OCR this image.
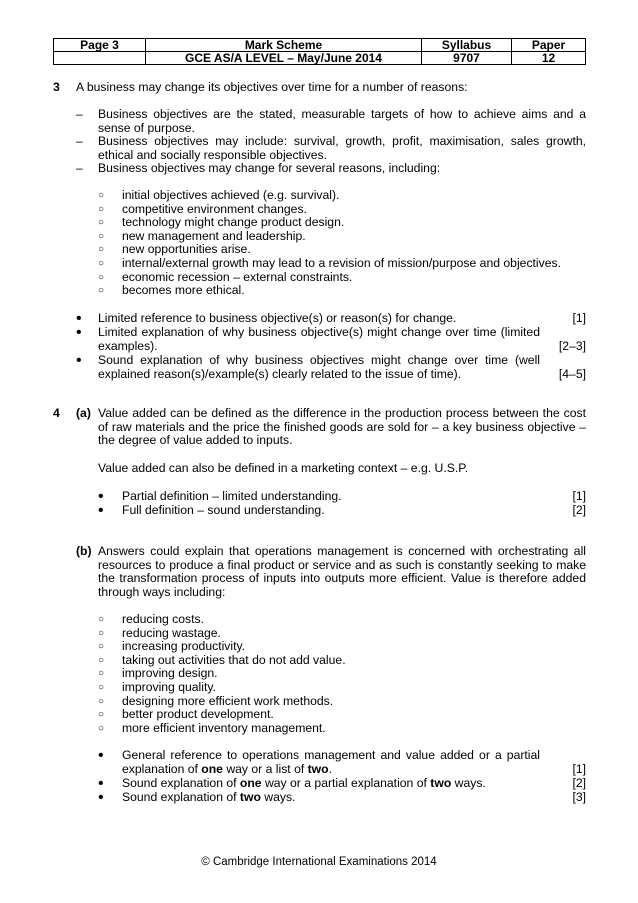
Page 3	Mark Scheme	Syllabus	Paper
	GCE AS/A LEVEL – May/June 2014	9707	12
3 A business may change its objectives over time for a number of reasons:
– Business objectives are the stated, measurable targets of how to achieve aims and a sense of purpose.
– Business objectives may include: survival, growth, profit, maximisation, sales growth, ethical and socially responsible objectives.
– Business objectives may change for several reasons, including:
○ initial objectives achieved (e.g. survival).
○ competitive environment changes.
○ technology might change product design.
○ new management and leadership.
○ new opportunities arise.
○ internal/external growth may lead to a revision of mission/purpose and objectives.
○ economic recession – external constraints.
○ becomes more ethical.
• Limited reference to business objective(s) or reason(s) for change.	[1]
• Limited explanation of why business objective(s) might change over time (limited examples).	[2–3]
• Sound explanation of why business objectives might change over time (well explained reason(s)/example(s) clearly related to the issue of time).	[4–5]
4 (a) Value added can be defined as the difference in the production process between the cost of raw materials and the price the finished goods are sold for – a key business objective – the degree of value added to inputs.
Value added can also be defined in a marketing context – e.g. U.S.P.
• Partial definition – limited understanding.	[1]
• Full definition – sound understanding.	[2]
(b) Answers could explain that operations management is concerned with orchestrating all resources to produce a final product or service and as such is constantly seeking to make the transformation process of inputs into outputs more efficient. Value is therefore added through ways including:
○ reducing costs.
○ reducing wastage.
○ increasing productivity.
○ taking out activities that do not add value.
○ improving design.
○ improving quality.
○ designing more efficient work methods.
○ better product development.
○ more efficient inventory management.
• General reference to operations management and value added or a partial explanation of one way or a list of two.	[1]
• Sound explanation of one way or a partial explanation of two ways.	[2]
• Sound explanation of two ways.	[3]
© Cambridge International Examinations 2014
